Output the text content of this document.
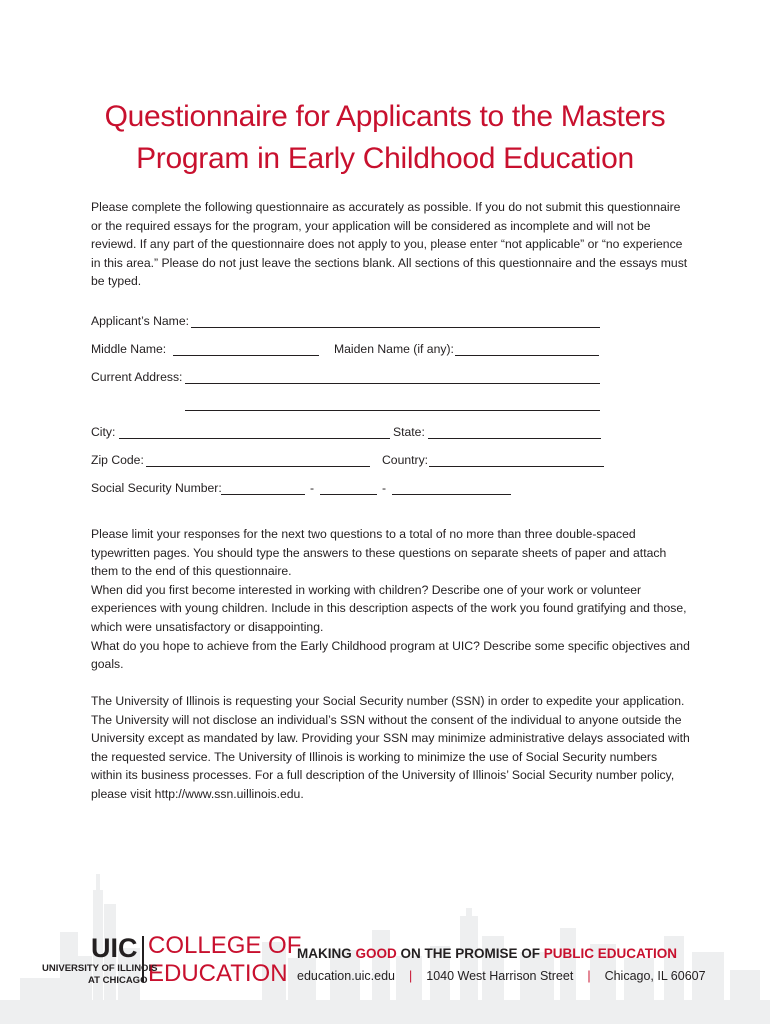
Questionnaire for Applicants to the Masters
Program in Early Childhood Education

Please complete the following questionnaire as accurately as possible. If you do not submit this questionnaire or the required essays for the program, your application will be considered as incomplete and will not be reviewd. If any part of the questionnaire does not apply to you, please enter “not applicable” or “no experience in this area.” Please do not just leave the sections blank. All sections of this questionnaire and the essays must be typed.

Applicant’s Name:
Middle Name:	Maiden Name (if any):
Current Address:
City:	State:
Zip Code:	Country:
Social Security Number:	-	-
Please limit your responses for the next two questions to a total of no more than three double-spaced typewritten pages. You should type the answers to these questions on separate sheets of paper and attach them to the end of this questionnaire.
When did you first become interested in working with children? Describe one of your work or volunteer experiences with young children. Include in this description aspects of the work you found gratifying and those, which were unsatisfactory or disappointing.
What do you hope to achieve from the Early Childhood program at UIC? Describe some specific objectives and goals.

The University of Illinois is requesting your Social Security number (SSN) in order to expedite your application. The University will not disclose an individual’s SSN without the consent of the individual to anyone outside the University except as mandated by law. Providing your SSN may minimize administrative delays associated with the requested service. The University of Illinois is working to minimize the use of Social Security numbers within its business processes. For a full description of the University of Illinois’ Social Security number policy, please visit http://www.ssn.uillinois.edu.

UIC COLLEGE OF
EDUCATION
UNIVERSITY OF ILLINOIS
AT CHICAGO
MAKING GOOD ON THE PROMISE OF PUBLIC EDUCATION
education.uic.edu | 1040 West Harrison Street | Chicago, IL 60607
